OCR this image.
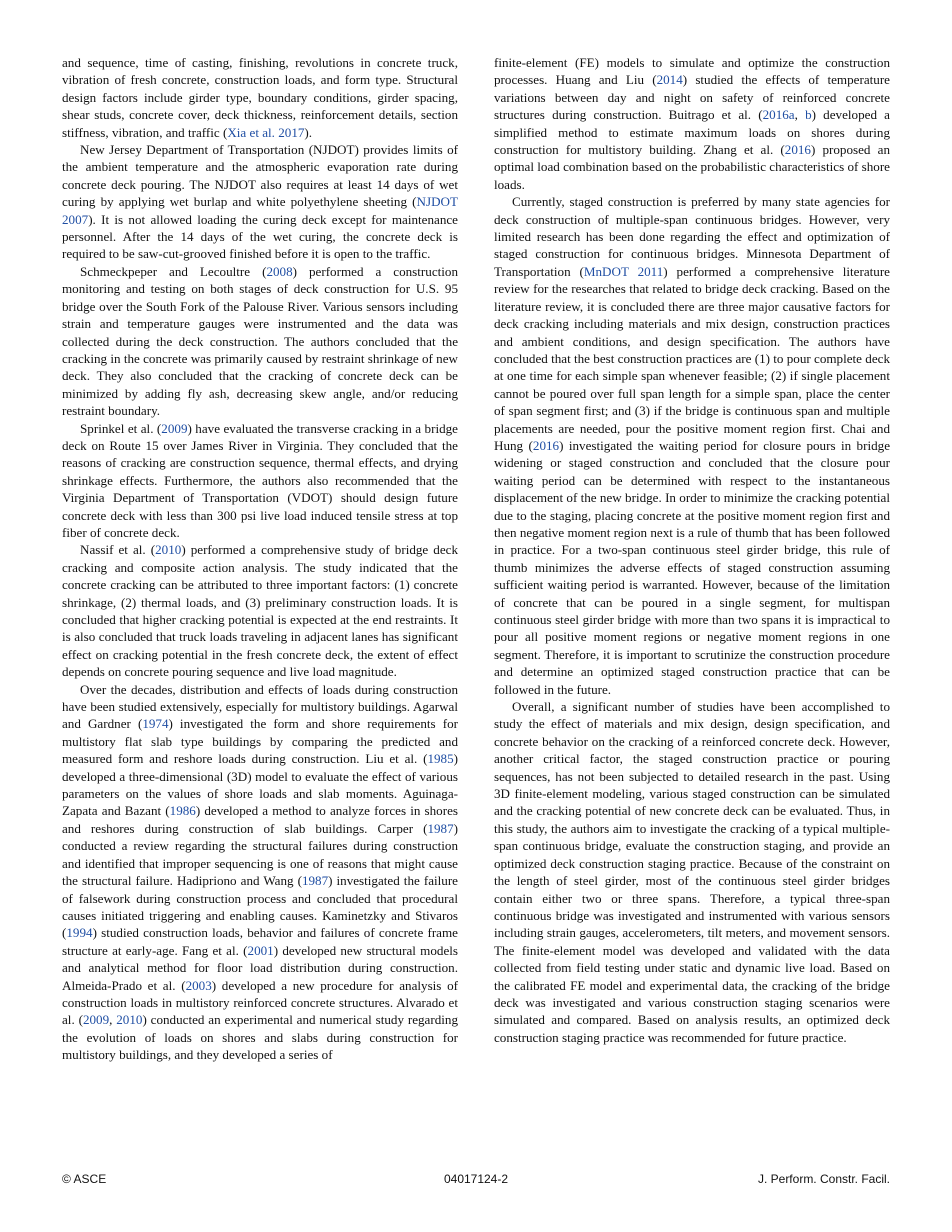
and sequence, time of casting, finishing, revolutions in concrete truck, vibration of fresh concrete, construction loads, and form type. Structural design factors include girder type, boundary conditions, girder spacing, shear studs, concrete cover, deck thickness, reinforcement details, section stiffness, vibration, and traffic (Xia et al. 2017).

New Jersey Department of Transportation (NJDOT) provides limits of the ambient temperature and the atmospheric evaporation rate during concrete deck pouring. The NJDOT also requires at least 14 days of wet curing by applying wet burlap and white polyethylene sheeting (NJDOT 2007). It is not allowed loading the curing deck except for maintenance personnel. After the 14 days of the wet curing, the concrete deck is required to be saw-cut-grooved finished before it is open to the traffic.

Schmeckpeper and Lecoultre (2008) performed a construction monitoring and testing on both stages of deck construction for U.S. 95 bridge over the South Fork of the Palouse River. Various sensors including strain and temperature gauges were instrumented and the data was collected during the deck construction. The authors concluded that the cracking in the concrete was primarily caused by restraint shrinkage of new deck. They also concluded that the cracking of concrete deck can be minimized by adding fly ash, decreasing skew angle, and/or reducing restraint boundary.

Sprinkel et al. (2009) have evaluated the transverse cracking in a bridge deck on Route 15 over James River in Virginia. They concluded that the reasons of cracking are construction sequence, thermal effects, and drying shrinkage effects. Furthermore, the authors also recommended that the Virginia Department of Transportation (VDOT) should design future concrete deck with less than 300 psi live load induced tensile stress at top fiber of concrete deck.

Nassif et al. (2010) performed a comprehensive study of bridge deck cracking and composite action analysis. The study indicated that the concrete cracking can be attributed to three important factors: (1) concrete shrinkage, (2) thermal loads, and (3) preliminary construction loads. It is concluded that higher cracking potential is expected at the end restraints. It is also concluded that truck loads traveling in adjacent lanes has significant effect on cracking potential in the fresh concrete deck, the extent of effect depends on concrete pouring sequence and live load magnitude.

Over the decades, distribution and effects of loads during construction have been studied extensively, especially for multistory buildings. Agarwal and Gardner (1974) investigated the form and shore requirements for multistory flat slab type buildings by comparing the predicted and measured form and reshore loads during construction. Liu et al. (1985) developed a three-dimensional (3D) model to evaluate the effect of various parameters on the values of shore loads and slab moments. Aguinaga-Zapata and Bazant (1986) developed a method to analyze forces in shores and reshores during construction of slab buildings. Carper (1987) conducted a review regarding the structural failures during construction and identified that improper sequencing is one of reasons that might cause the structural failure. Hadipriono and Wang (1987) investigated the failure of falsework during construction process and concluded that procedural causes initiated triggering and enabling causes. Kaminetzky and Stivaros (1994) studied construction loads, behavior and failures of concrete frame structure at early-age. Fang et al. (2001) developed new structural models and analytical method for floor load distribution during construction. Almeida-Prado et al. (2003) developed a new procedure for analysis of construction loads in multistory reinforced concrete structures. Alvarado et al. (2009, 2010) conducted an experimental and numerical study regarding the evolution of loads on shores and slabs during construction for multistory buildings, and they developed a series of

finite-element (FE) models to simulate and optimize the construction processes. Huang and Liu (2014) studied the effects of temperature variations between day and night on safety of reinforced concrete structures during construction. Buitrago et al. (2016a, b) developed a simplified method to estimate maximum loads on shores during construction for multistory building. Zhang et al. (2016) proposed an optimal load combination based on the probabilistic characteristics of shore loads.

Currently, staged construction is preferred by many state agencies for deck construction of multiple-span continuous bridges. However, very limited research has been done regarding the effect and optimization of staged construction for continuous bridges. Minnesota Department of Transportation (MnDOT 2011) performed a comprehensive literature review for the researches that related to bridge deck cracking. Based on the literature review, it is concluded there are three major causative factors for deck cracking including materials and mix design, construction practices and ambient conditions, and design specification. The authors have concluded that the best construction practices are (1) to pour complete deck at one time for each simple span whenever feasible; (2) if single placement cannot be poured over full span length for a simple span, place the center of span segment first; and (3) if the bridge is continuous span and multiple placements are needed, pour the positive moment region first. Chai and Hung (2016) investigated the waiting period for closure pours in bridge widening or staged construction and concluded that the closure pour waiting period can be determined with respect to the instantaneous displacement of the new bridge. In order to minimize the cracking potential due to the staging, placing concrete at the positive moment region first and then negative moment region next is a rule of thumb that has been followed in practice. For a two-span continuous steel girder bridge, this rule of thumb minimizes the adverse effects of staged construction assuming sufficient waiting period is warranted. However, because of the limitation of concrete that can be poured in a single segment, for multispan continuous steel girder bridge with more than two spans it is impractical to pour all positive moment regions or negative moment regions in one segment. Therefore, it is important to scrutinize the construction procedure and determine an optimized staged construction practice that can be followed in the future.

Overall, a significant number of studies have been accomplished to study the effect of materials and mix design, design specification, and concrete behavior on the cracking of a reinforced concrete deck. However, another critical factor, the staged construction practice or pouring sequences, has not been subjected to detailed research in the past. Using 3D finite-element modeling, various staged construction can be simulated and the cracking potential of new concrete deck can be evaluated. Thus, in this study, the authors aim to investigate the cracking of a typical multiple-span continuous bridge, evaluate the construction staging, and provide an optimized deck construction staging practice. Because of the constraint on the length of steel girder, most of the continuous steel girder bridges contain either two or three spans. Therefore, a typical three-span continuous bridge was investigated and instrumented with various sensors including strain gauges, accelerometers, tilt meters, and movement sensors. The finite-element model was developed and validated with the data collected from field testing under static and dynamic live load. Based on the calibrated FE model and experimental data, the cracking of the bridge deck was investigated and various construction staging scenarios were simulated and compared. Based on analysis results, an optimized deck construction staging practice was recommended for future practice.

© ASCE	04017124-2	J. Perform. Constr. Facil.
